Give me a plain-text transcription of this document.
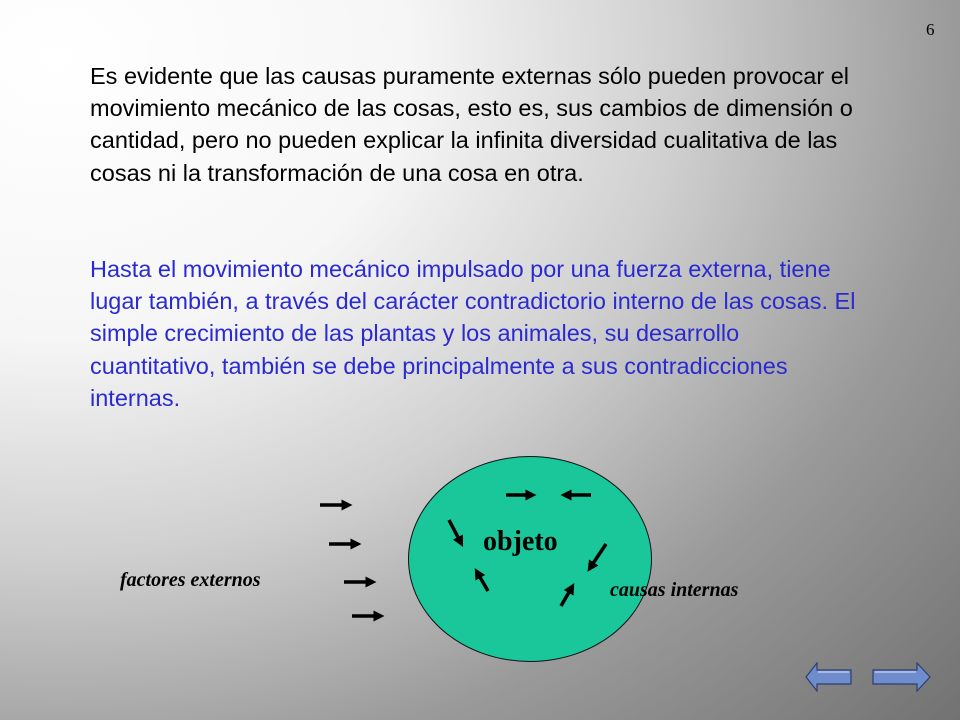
6

Es evidente que las causas puramente externas sólo pueden provocar el movimiento mecánico de las cosas, esto es, sus cambios de dimensión o cantidad, pero no pueden explicar la infinita diversidad cualitativa de las cosas ni la transformación de una cosa en otra.

Hasta el movimiento mecánico impulsado por una fuerza externa, tiene lugar también, a través del carácter contradictorio interno de las cosas. El simple crecimiento de las plantas y los animales, su desarrollo cuantitativo, también se debe principalmente a sus contradicciones internas.

objeto
factores externos	causas internas
